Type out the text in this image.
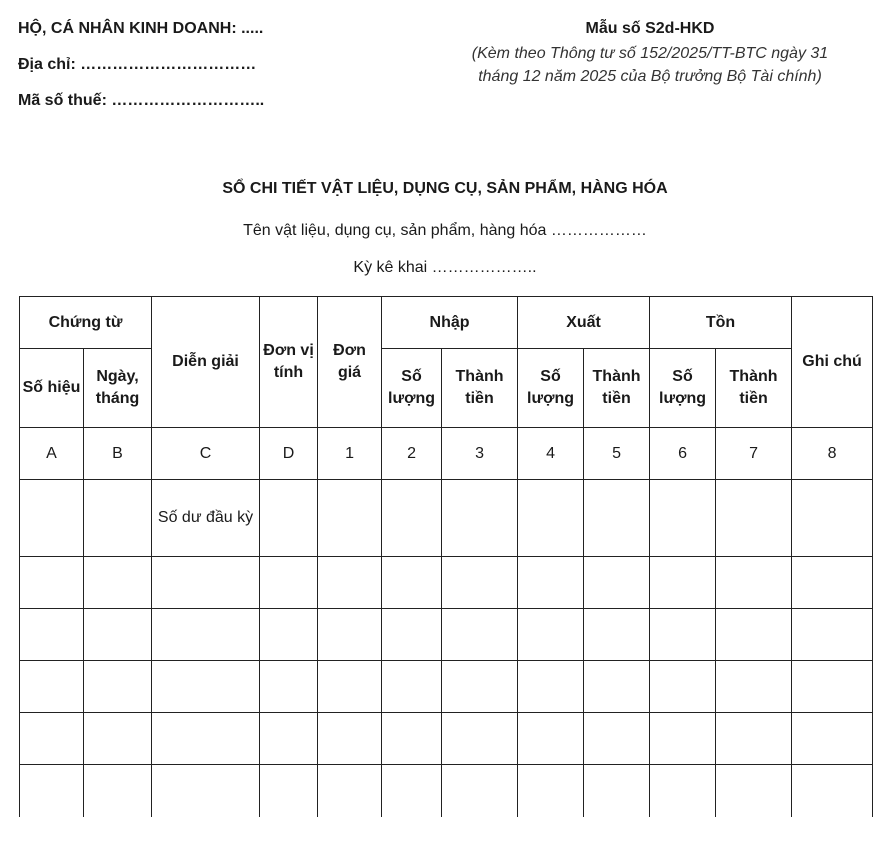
HỘ, CÁ NHÂN KINH DOANH: .....
Địa chỉ: ……………………………
Mã số thuế: ………………………..
Mẫu số S2d-HKD
(Kèm theo Thông tư số 152/2025/TT-BTC ngày 31
tháng 12 năm 2025 của Bộ trưởng Bộ Tài chính)
SỔ CHI TIẾT VẬT LIỆU, DỤNG CỤ, SẢN PHẨM, HÀNG HÓA
Tên vật liệu, dụng cụ, sản phẩm, hàng hóa ………………
Kỳ kê khai ………………..
Chứng từ		Diễn giải	Đơn vị tính	Đơn giá	Nhập		Xuất		Tồn		Ghi chú
Số hiệu	Ngày, tháng				Số lượng	Thành tiền	Số lượng	Thành tiền	Số lượng	Thành tiền	
A	B	C	D	1	2	3	4	5	6	7	8
		Số dư đầu kỳ									
